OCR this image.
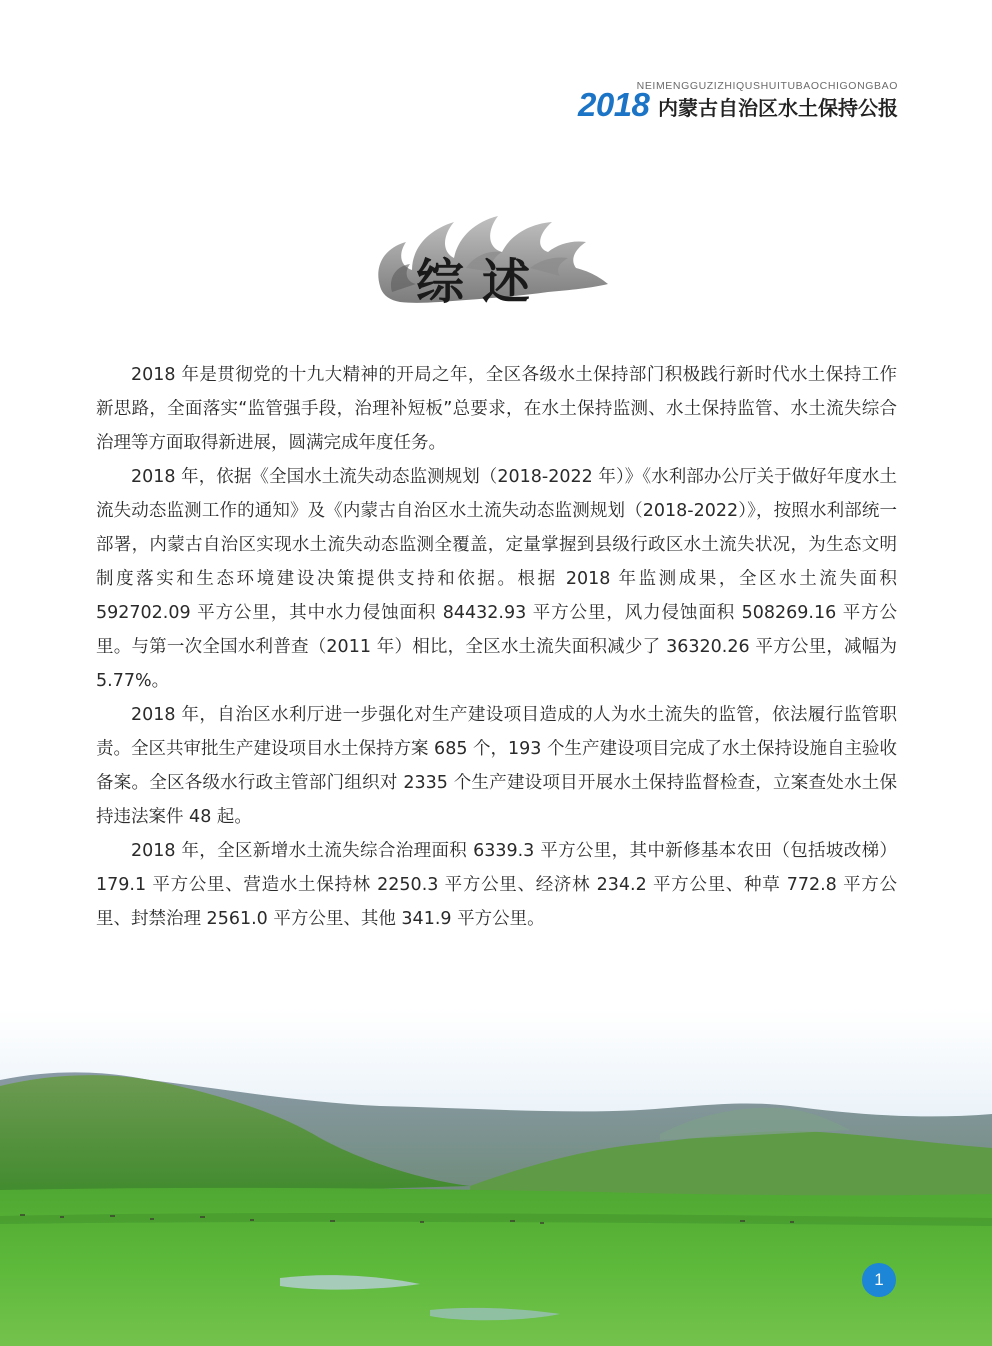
NEIMENGGUZIZHIQUSHUITUBAOCHIGONGBAO
2018 内蒙古自治区水土保持公报
综述

2018 年是贯彻党的十九大精神的开局之年，全区各级水土保持部门积极践行新时代水土保持工作新思路，全面落实“监管强手段，治理补短板”总要求，在水土保持监测、水土保持监管、水土流失综合治理等方面取得新进展，圆满完成年度任务。

2018 年，依据《全国水土流失动态监测规划（2018-2022 年）》《水利部办公厅关于做好年度水土流失动态监测工作的通知》及《内蒙古自治区水土流失动态监测规划（2018-2022）》，按照水利部统一部署，内蒙古自治区实现水土流失动态监测全覆盖，定量掌握到县级行政区水土流失状况，为生态文明制度落实和生态环境建设决策提供支持和依据。根据 2018 年监测成果，全区水土流失面积 592702.09 平方公里，其中水力侵蚀面积 84432.93 平方公里，风力侵蚀面积 508269.16 平方公里。与第一次全国水利普查（2011 年）相比，全区水土流失面积减少了 36320.26 平方公里，减幅为 5.77%。

2018 年，自治区水利厅进一步强化对生产建设项目造成的人为水土流失的监管，依法履行监管职责。全区共审批生产建设项目水土保持方案 685 个，193 个生产建设项目完成了水土保持设施自主验收备案。全区各级水行政主管部门组织对 2335 个生产建设项目开展水土保持监督检查，立案查处水土保持违法案件 48 起。

2018 年，全区新增水土流失综合治理面积 6339.3 平方公里，其中新修基本农田（包括坡改梯）179.1 平方公里、营造水土保持林 2250.3 平方公里、经济林 234.2 平方公里、种草 772.8 平方公里、封禁治理 2561.0 平方公里、其他 341.9 平方公里。

1
